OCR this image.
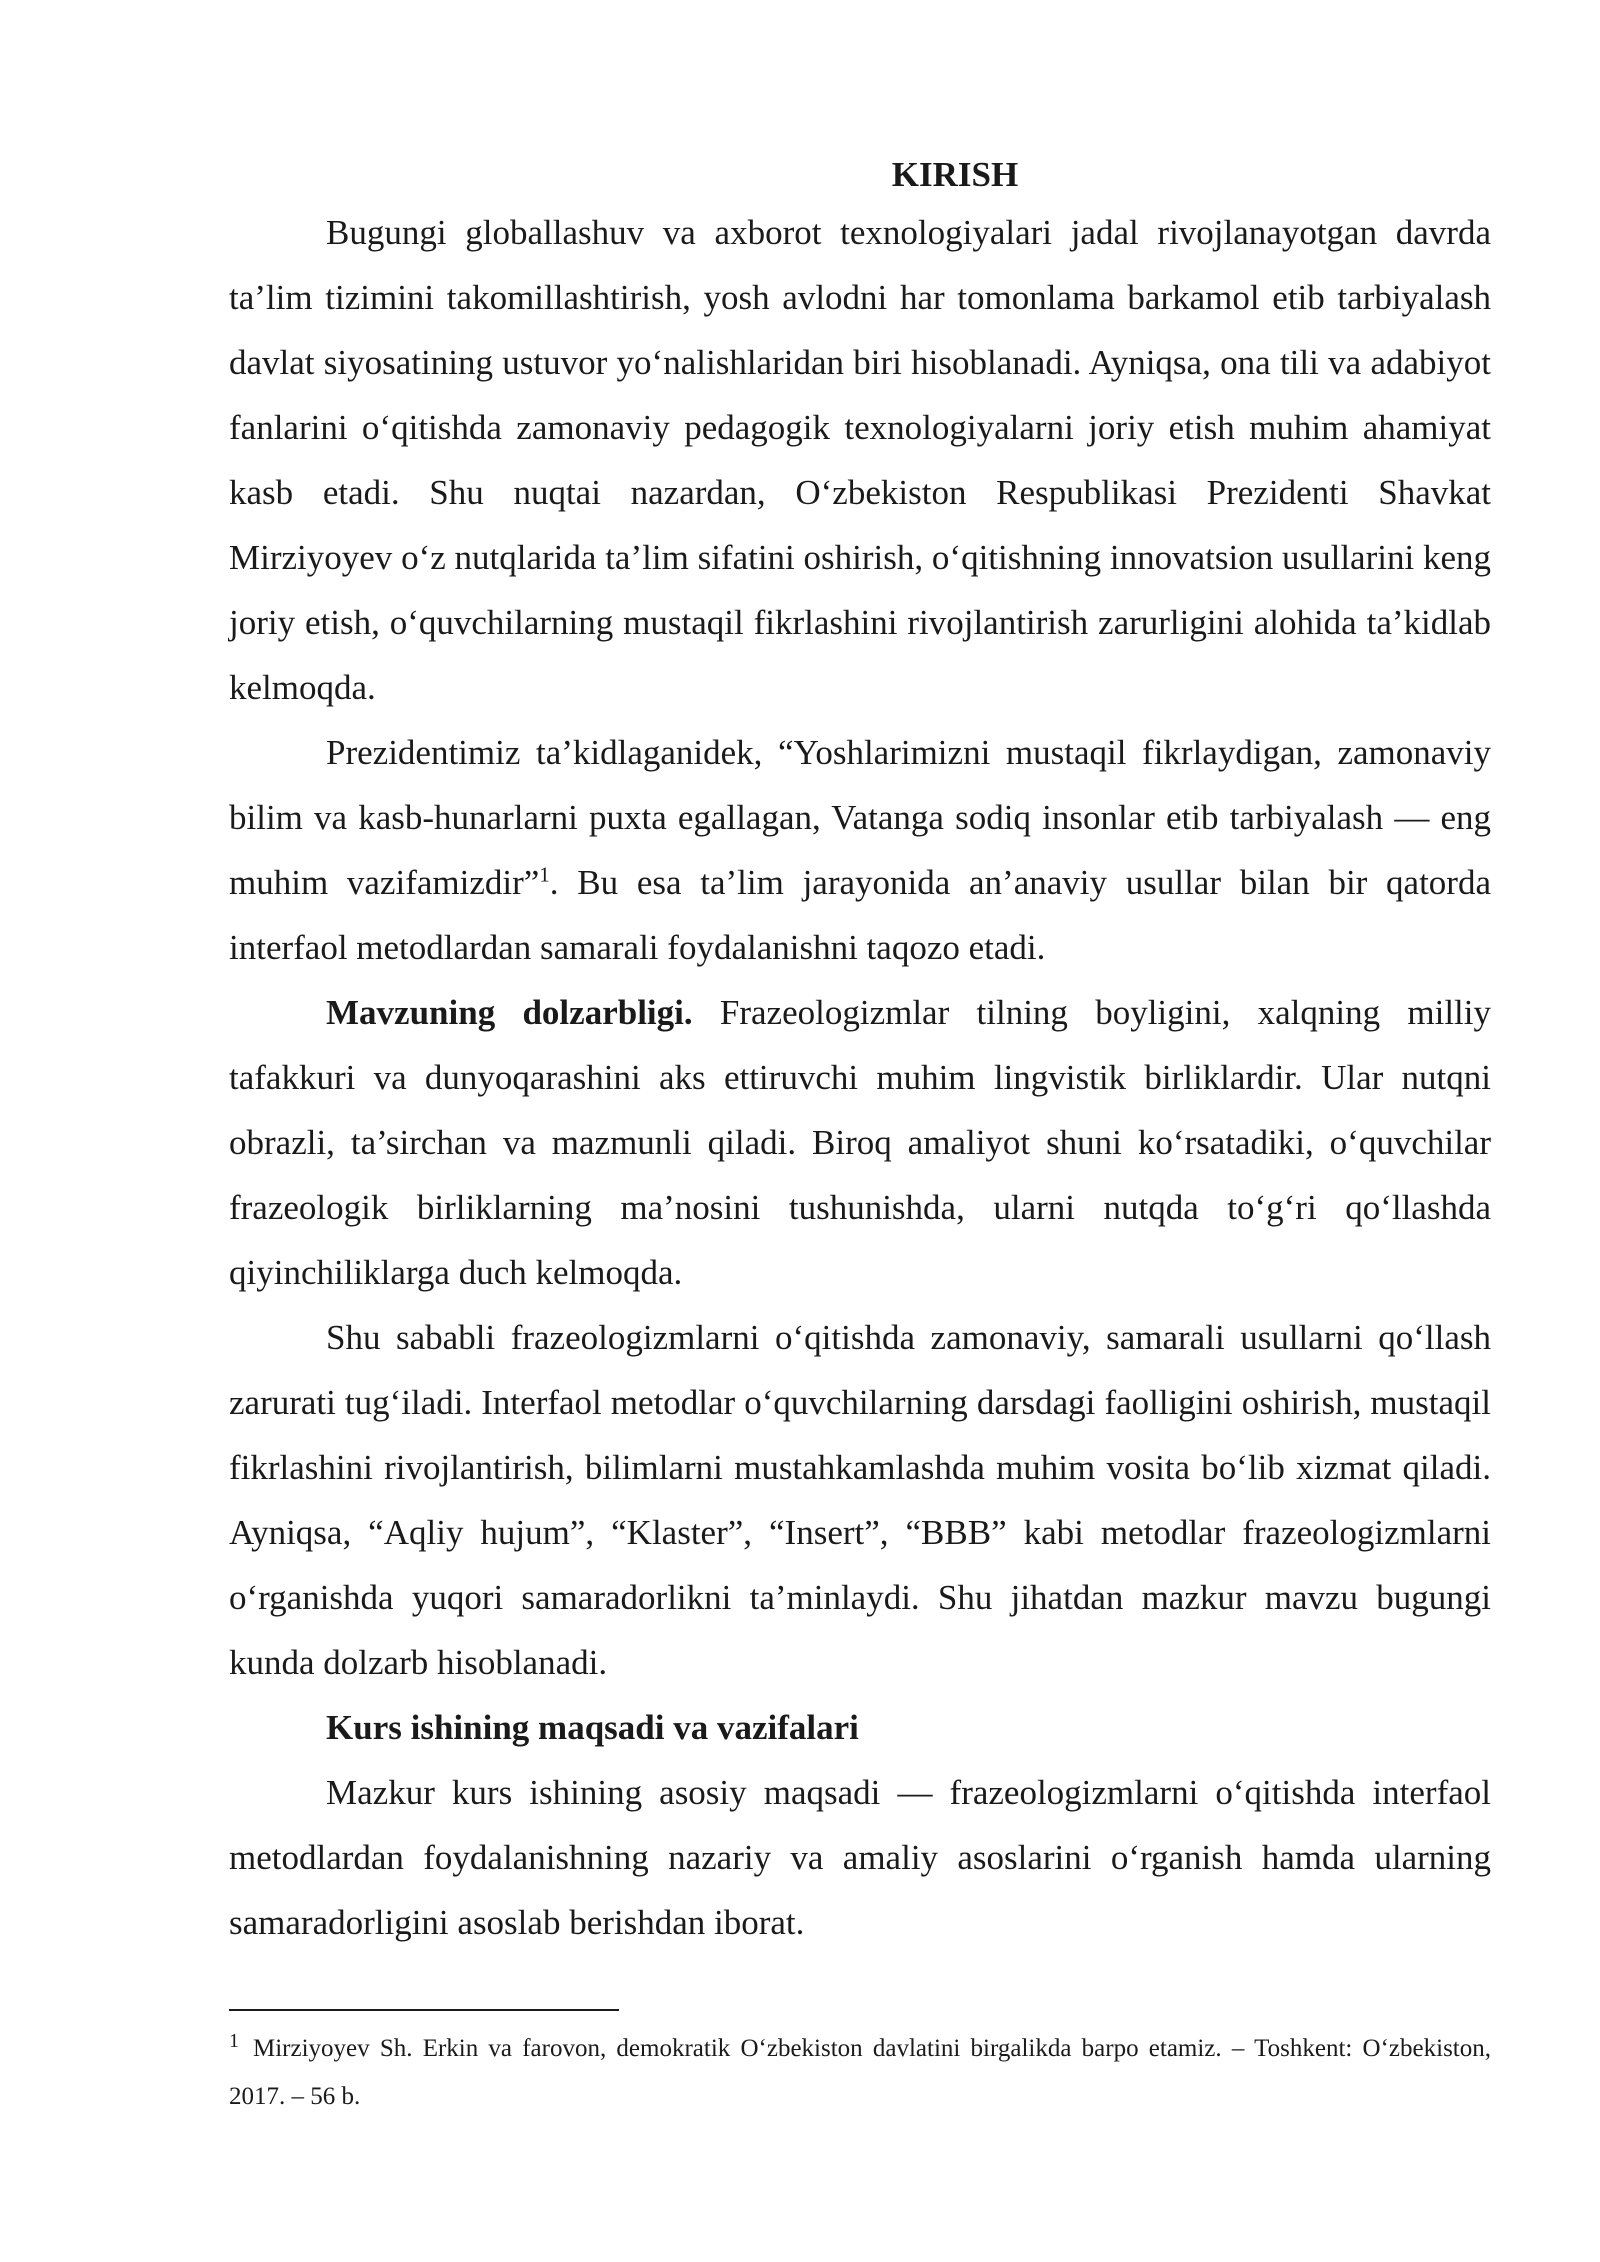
KIRISH

Bugungi globallashuv va axborot texnologiyalari jadal rivojlanayotgan davrda ta’lim tizimini takomillashtirish, yosh avlodni har tomonlama barkamol etib tarbiyalash davlat siyosatining ustuvor yo‘nalishlaridan biri hisoblanadi. Ayniqsa, ona tili va adabiyot fanlarini o‘qitishda zamonaviy pedagogik texnologiyalarni joriy etish muhim ahamiyat kasb etadi. Shu nuqtai nazardan, O‘zbekiston Respublikasi Prezidenti Shavkat Mirziyoyev o‘z nutqlarida ta’lim sifatini oshirish, o‘qitishning innovatsion usullarini keng joriy etish, o‘quvchilarning mustaqil fikrlashini rivojlantirish zarurligini alohida ta’kidlab kelmoqda.

Prezidentimiz ta’kidlaganidek, “Yoshlarimizni mustaqil fikrlaydigan, zamonaviy bilim va kasb-hunarlarni puxta egallagan, Vatanga sodiq insonlar etib tarbiyalash — eng muhim vazifamizdir”$^1$. Bu esa ta’lim jarayonida an’anaviy usullar bilan bir qatorda interfaol metodlardan samarali foydalanishni taqozo etadi.

Mavzuning dolzarbligi. Frazeologizmlar tilning boyligini, xalqning milliy tafakkuri va dunyoqarashini aks ettiruvchi muhim lingvistik birliklardir. Ular nutqni obrazli, ta’sirchan va mazmunli qiladi. Biroq amaliyot shuni ko‘rsatadiki, o‘quvchilar frazeologik birliklarning ma’nosini tushunishda, ularni nutqda to‘g‘ri qo‘llashda qiyinchiliklarga duch kelmoqda.

Shu sababli frazeologizmlarni o‘qitishda zamonaviy, samarali usullarni qo‘llash zarurati tug‘iladi. Interfaol metodlar o‘quvchilarning darsdagi faolligini oshirish, mustaqil fikrlashini rivojlantirish, bilimlarni mustahkamlashda muhim vosita bo‘lib xizmat qiladi. Ayniqsa, “Aqliy hujum”, “Klaster”, “Insert”, “BBB” kabi metodlar frazeologizmlarni o‘rganishda yuqori samaradorlikni ta’minlaydi. Shu jihatdan mazkur mavzu bugungi kunda dolzarb hisoblanadi.

Kurs ishining maqsadi va vazifalari

Mazkur kurs ishining asosiy maqsadi — frazeologizmlarni o‘qitishda interfaol metodlardan foydalanishning nazariy va amaliy asoslarini o‘rganish hamda ularning samaradorligini asoslab berishdan iborat.

$^1$ Mirziyoyev Sh. Erkin va farovon, demokratik O‘zbekiston davlatini birgalikda barpo etamiz. – Toshkent: O‘zbekiston, 2017. – 56 b.
